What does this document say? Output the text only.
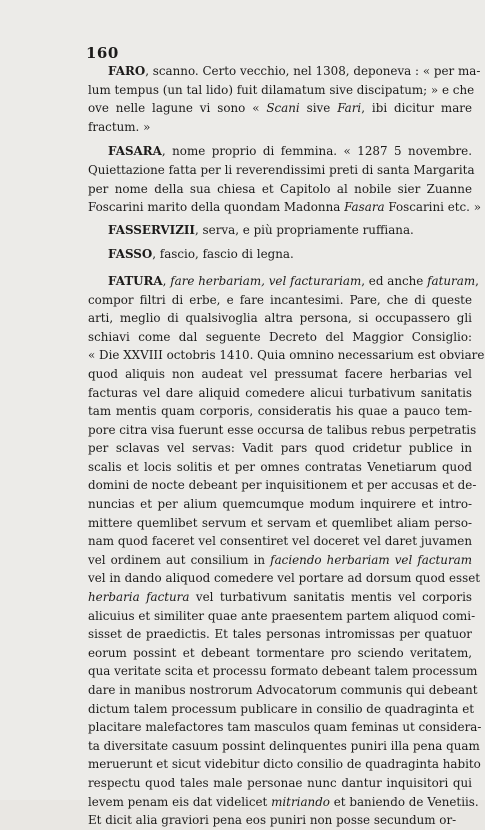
160

FARO, scanno. Certo vecchio, nel 1308, deponeva : « per ma-
lum tempus (un tal lido) fuit dilamatum sive discipatum; » e che
ove nelle lagune vi sono « Scani sive Fari, ibi dicitur mare
fractum. »

FASARA, nome proprio di femmina. « 1287 5 novembre.
Quiettazione fatta per li reverendissimi preti di santa Margarita
per nome della sua chiesa et Capitolo al nobile sier Zuanne
Foscarini marito della quondam Madonna Fasara Foscarini etc. »

FASSERVIZII, serva, e più propriamente ruffiana.

FASSO, fascio, fascio di legna.

FATURA, fare herbariam, vel facturariam, ed anche faturam,
compor filtri di erbe, e fare incantesimi. Pare, che di queste
arti, meglio di qualsivoglia altra persona, si occupassero gli
schiavi come dal seguente Decreto del Maggior Consiglio:
« Die XXVIII octobris 1410. Quia omnino necessarium est obviare
quod aliquis non audeat vel pressumat facere herbarias vel
facturas vel dare aliquid comedere alicui turbativum sanitatis
tam mentis quam corporis, consideratis his quae a pauco tem-
pore citra visa fuerunt esse occursa de talibus rebus perpetratis
per sclavas vel servas: Vadit pars quod cridetur publice in
scalis et locis solitis et per omnes contratas Venetiarum quod
domini de nocte debeant per inquisitionem et per accusas et de-
nuncias et per alium quemcumque modum inquirere et intro-
mittere quemlibet servum et servam et quemlibet aliam perso-
nam quod faceret vel consentiret vel doceret vel daret juvamen
vel ordinem aut consilium in faciendo herbariam vel facturam
vel in dando aliquod comedere vel portare ad dorsum quod esset
herbaria factura vel turbativum sanitatis mentis vel corporis
alicuius et similiter quae ante praesentem partem aliquod comi-
sisset de praedictis. Et tales personas intromissas per quatuor
eorum possint et debeant tormentare pro sciendo veritatem,
qua veritate scita et processu formato debeant talem processum
dare in manibus nostrorum Advocatorum communis qui debeant
dictum talem processum publicare in consilio de quadraginta et
placitare malefactores tam masculos quam feminas ut considera-
ta diversitate casuum possint delinquentes puniri illa pena quam
meruerunt et sicut videbitur dicto consilio de quadraginta habito
respectu quod tales male personae nunc dantur inquisitori qui
levem penam eis dat videlicet mitriando et baniendo de Venetiis.
Et dicit alia graviori pena eos puniri non posse secundum or-
